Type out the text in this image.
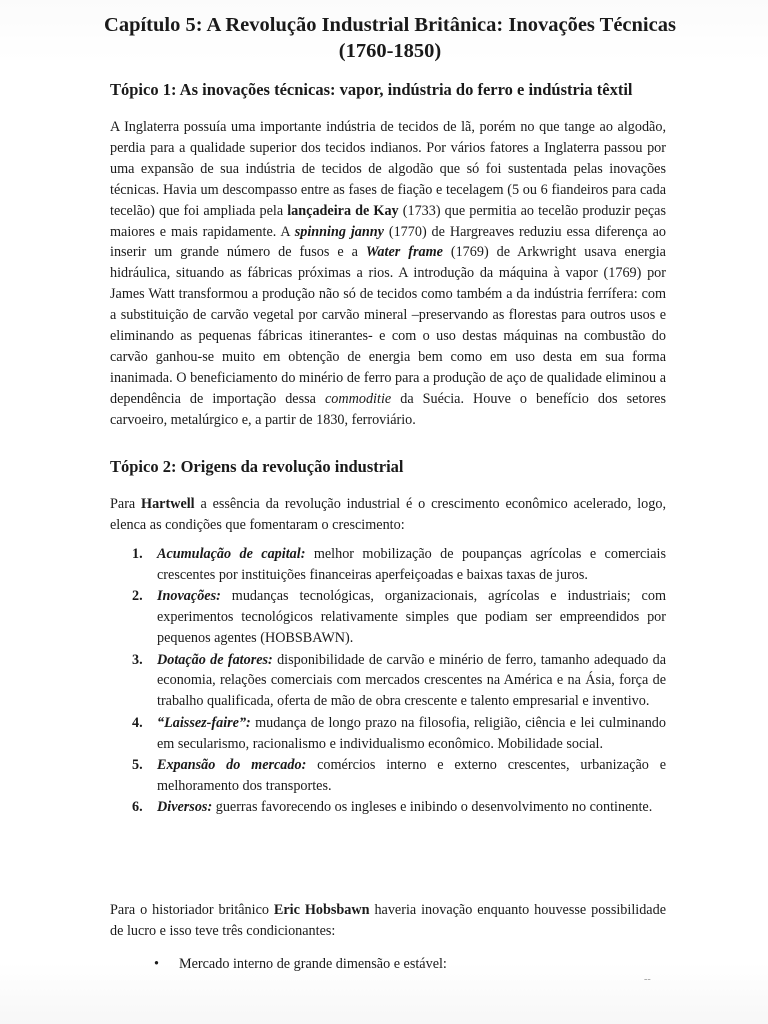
Capítulo 5: A Revolução Industrial Britânica: Inovações Técnicas (1760-1850)
Tópico 1: As inovações técnicas: vapor, indústria do ferro e indústria têxtil

A Inglaterra possuía uma importante indústria de tecidos de lã, porém no que tange ao algodão, perdia para a qualidade superior dos tecidos indianos. Por vários fatores a Inglaterra passou por uma expansão de sua indústria de tecidos de algodão que só foi sustentada pelas inovações técnicas. Havia um descompasso entre as fases de fiação e tecelagem (5 ou 6 fiandeiros para cada tecelão) que foi ampliada pela lançadeira de Kay (1733) que permitia ao tecelão produzir peças maiores e mais rapidamente. A spinning janny (1770) de Hargreaves reduziu essa diferença ao inserir um grande número de fusos e a Water frame (1769) de Arkwright usava energia hidráulica, situando as fábricas próximas a rios. A introdução da máquina à vapor (1769) por James Watt transformou a produção não só de tecidos como também a da indústria ferrífera: com a substituição de carvão vegetal por carvão mineral –preservando as florestas para outros usos e eliminando as pequenas fábricas itinerantes- e com o uso destas máquinas na combustão do carvão ganhou-se muito em obtenção de energia bem como em uso desta em sua forma inanimada. O beneficiamento do minério de ferro para a produção de aço de qualidade eliminou a dependência de importação dessa commoditie da Suécia. Houve o benefício dos setores carvoeiro, metalúrgico e, a partir de 1830, ferroviário.

Tópico 2: Origens da revolução industrial

Para Hartwell a essência da revolução industrial é o crescimento econômico acelerado, logo, elenca as condições que fomentaram o crescimento:

1. Acumulação de capital: melhor mobilização de poupanças agrícolas e comerciais crescentes por instituições financeiras aperfeiçoadas e baixas taxas de juros.
2. Inovações: mudanças tecnológicas, organizacionais, agrícolas e industriais; com experimentos tecnológicos relativamente simples que podiam ser empreendidos por pequenos agentes (HOBSBAWN).
3. Dotação de fatores: disponibilidade de carvão e minério de ferro, tamanho adequado da economia, relações comerciais com mercados crescentes na América e na Ásia, força de trabalho qualificada, oferta de mão de obra crescente e talento empresarial e inventivo.
4. “Laissez-faire”: mudança de longo prazo na filosofia, religião, ciência e lei culminando em secularismo, racionalismo e individualismo econômico. Mobilidade social.
5. Expansão do mercado: comércios interno e externo crescentes, urbanização e melhoramento dos transportes.
6. Diversos: guerras favorecendo os ingleses e inibindo o desenvolvimento no continente.

Para o historiador britânico Eric Hobsbawn haveria inovação enquanto houvesse possibilidade de lucro e isso teve três condicionantes:

• Mercado interno de grande dimensão e estável:
--
